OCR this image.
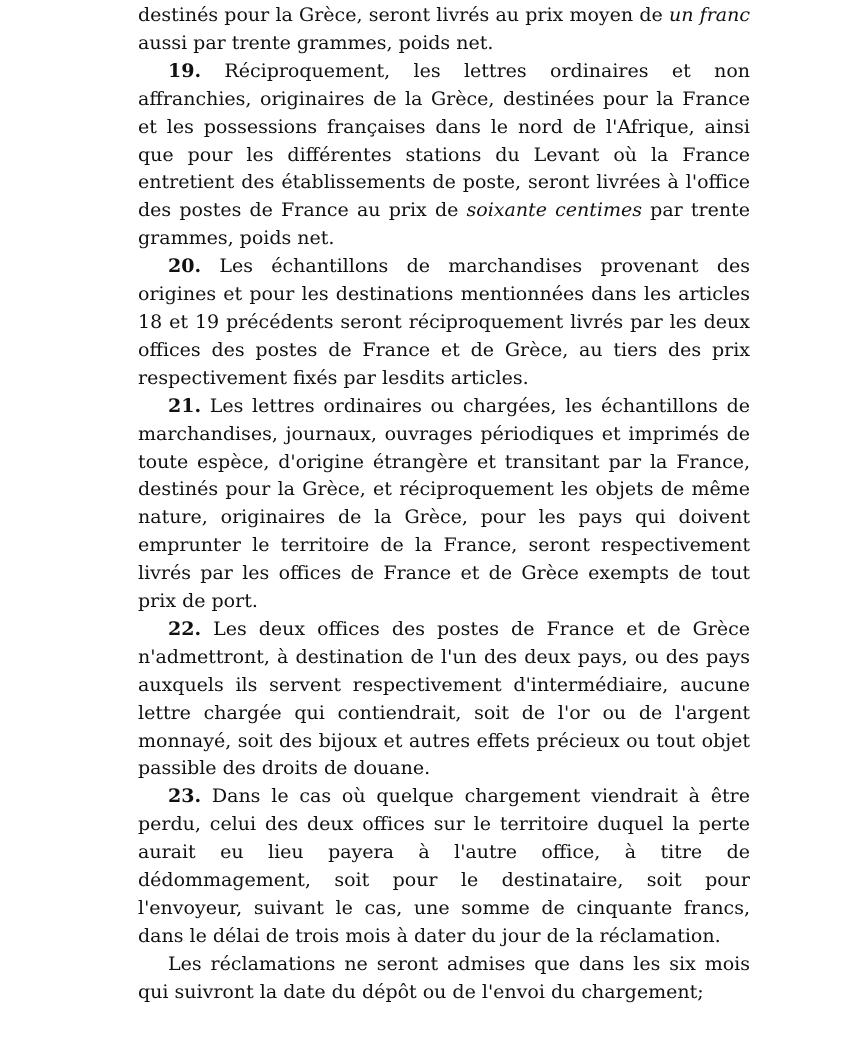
destinés pour la Grèce, seront livrés au prix moyen de un franc aussi par trente grammes, poids net.

19. Réciproquement, les lettres ordinaires et non affranchies, originaires de la Grèce, destinées pour la France et les possessions françaises dans le nord de l'Afrique, ainsi que pour les différentes stations du Levant où la France entretient des établissements de poste, seront livrées à l'office des postes de France au prix de soixante centimes par trente grammes, poids net.

20. Les échantillons de marchandises provenant des origines et pour les destinations mentionnées dans les articles 18 et 19 précédents seront réciproquement livrés par les deux offices des postes de France et de Grèce, au tiers des prix respectivement fixés par lesdits articles.

21. Les lettres ordinaires ou chargées, les échantillons de marchandises, journaux, ouvrages périodiques et imprimés de toute espèce, d'origine étrangère et transitant par la France, destinés pour la Grèce, et réciproquement les objets de même nature, originaires de la Grèce, pour les pays qui doivent emprunter le territoire de la France, seront respectivement livrés par les offices de France et de Grèce exempts de tout prix de port.

22. Les deux offices des postes de France et de Grèce n'admettront, à destination de l'un des deux pays, ou des pays auxquels ils servent respectivement d'intermédiaire, aucune lettre chargée qui contiendrait, soit de l'or ou de l'argent monnayé, soit des bijoux et autres effets précieux ou tout objet passible des droits de douane.

23. Dans le cas où quelque chargement viendrait à être perdu, celui des deux offices sur le territoire duquel la perte aurait eu lieu payera à l'autre office, à titre de dédommagement, soit pour le destinataire, soit pour l'envoyeur, suivant le cas, une somme de cinquante francs, dans le délai de trois mois à dater du jour de la réclamation.

Les réclamations ne seront admises que dans les six mois qui suivront la date du dépôt ou de l'envoi du chargement;
